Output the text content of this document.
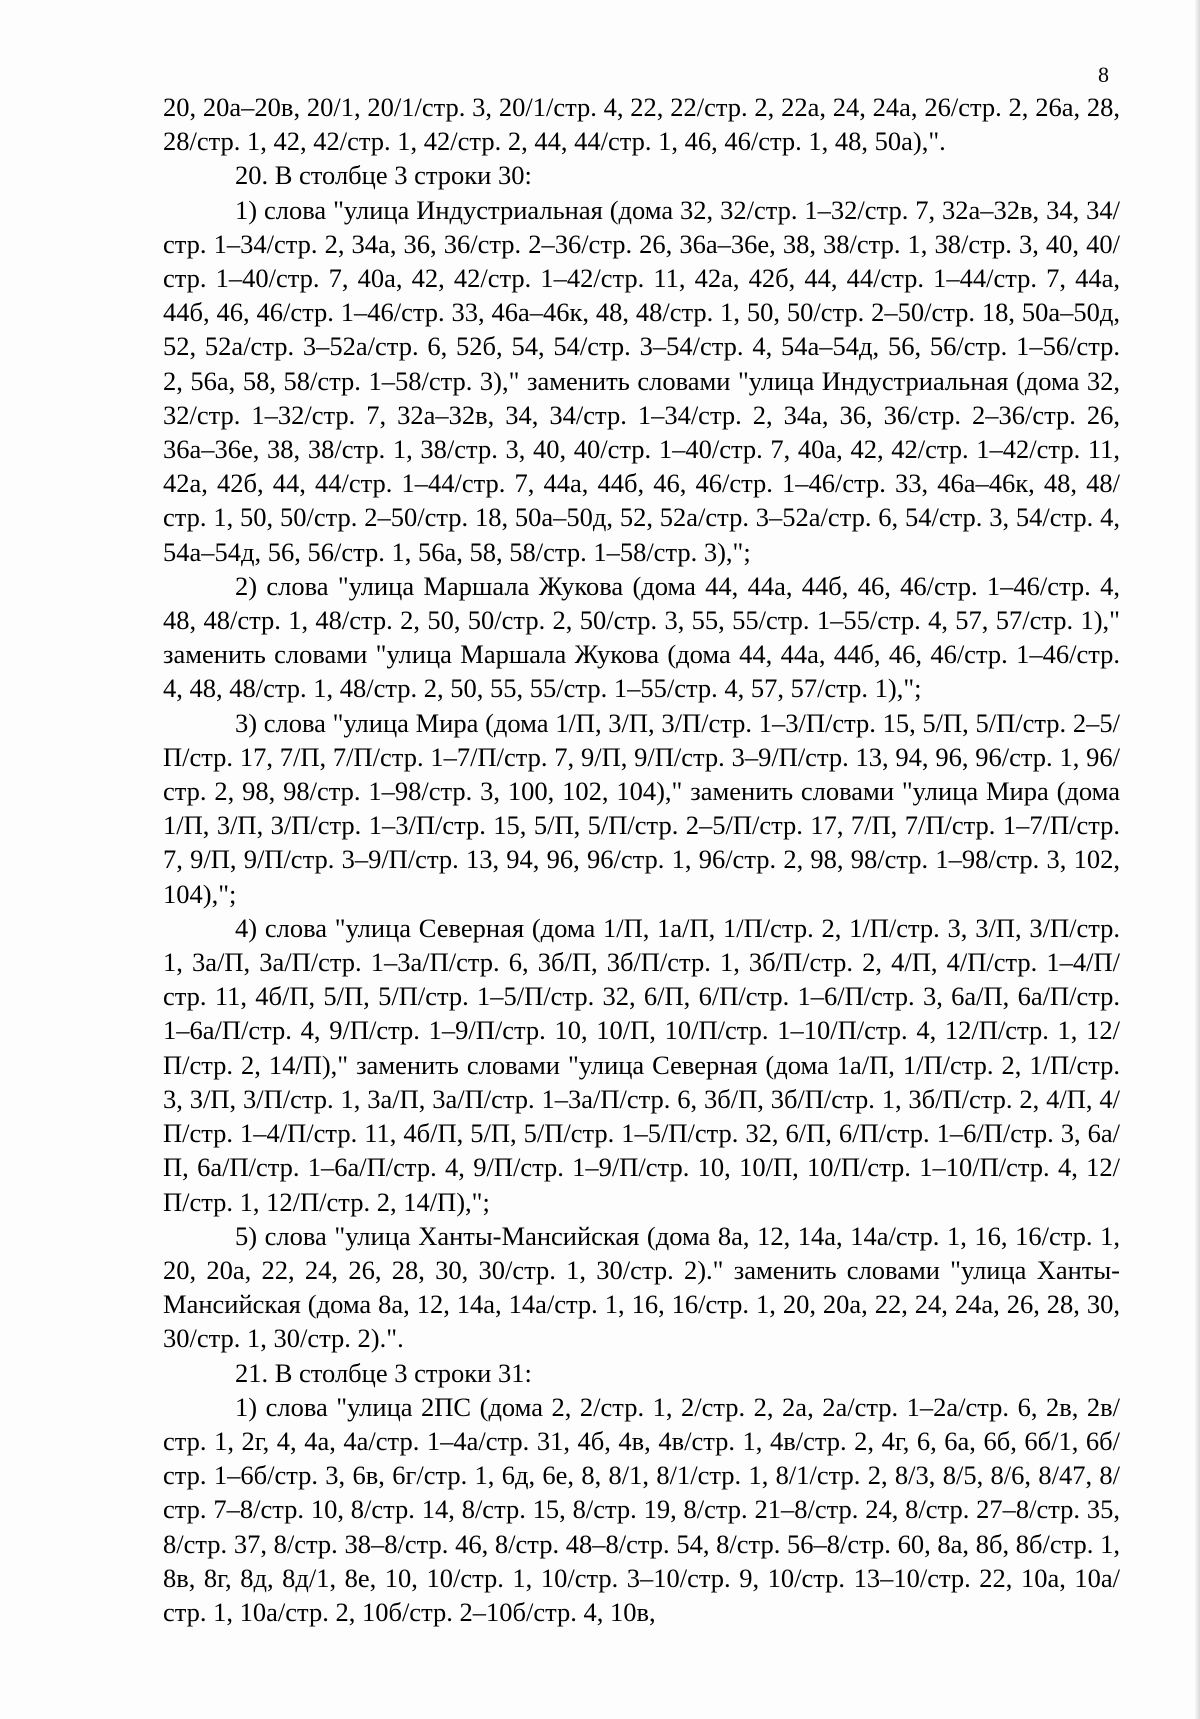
8

20, 20а–20в, 20/1, 20/1/стр. 3, 20/1/стр. 4, 22, 22/стр. 2, 22а, 24, 24а, 26/стр. 2, 26а, 28, 28/стр. 1, 42, 42/стр. 1, 42/стр. 2, 44, 44/стр. 1, 46, 46/стр. 1, 48, 50а),".

20. В столбце 3 строки 30:

1) слова "улица Индустриальная (дома 32, 32/стр. 1–32/стр. 7, 32а–32в, 34, 34/стр. 1–34/стр. 2, 34а, 36, 36/стр. 2–36/стр. 26, 36а–36е, 38, 38/стр. 1, 38/стр. 3, 40, 40/стр. 1–40/стр. 7, 40а, 42, 42/стр. 1–42/стр. 11, 42а, 42б, 44, 44/стр. 1–44/стр. 7, 44а, 44б, 46, 46/стр. 1–46/стр. 33, 46а–46к, 48, 48/стр. 1, 50, 50/стр. 2–50/стр. 18, 50а–50д, 52, 52а/стр. 3–52а/стр. 6, 52б, 54, 54/стр. 3–54/стр. 4, 54а–54д, 56, 56/стр. 1–56/стр. 2, 56а, 58, 58/стр. 1–58/стр. 3)," заменить словами "улица Индустриальная (дома 32, 32/стр. 1–32/стр. 7, 32а–32в, 34, 34/стр. 1–34/стр. 2, 34а, 36, 36/стр. 2–36/стр. 26, 36а–36е, 38, 38/стр. 1, 38/стр. 3, 40, 40/стр. 1–40/стр. 7, 40а, 42, 42/стр. 1–42/стр. 11, 42а, 42б, 44, 44/стр. 1–44/стр. 7, 44а, 44б, 46, 46/стр. 1–46/стр. 33, 46а–46к, 48, 48/стр. 1, 50, 50/стр. 2–50/стр. 18, 50а–50д, 52, 52а/стр. 3–52а/стр. 6, 54/стр. 3, 54/стр. 4, 54а–54д, 56, 56/стр. 1, 56а, 58, 58/стр. 1–58/стр. 3),";

2) слова "улица Маршала Жукова (дома 44, 44а, 44б, 46, 46/стр. 1–46/стр. 4, 48, 48/стр. 1, 48/стр. 2, 50, 50/стр. 2, 50/стр. 3, 55, 55/стр. 1–55/стр. 4, 57, 57/стр. 1)," заменить словами "улица Маршала Жукова (дома 44, 44а, 44б, 46, 46/стр. 1–46/стр. 4, 48, 48/стр. 1, 48/стр. 2, 50, 55, 55/стр. 1–55/стр. 4, 57, 57/стр. 1),";

3) слова "улица Мира (дома 1/П, 3/П, 3/П/стр. 1–3/П/стр. 15, 5/П, 5/П/стр. 2–5/П/стр. 17, 7/П, 7/П/стр. 1–7/П/стр. 7, 9/П, 9/П/стр. 3–9/П/стр. 13, 94, 96, 96/стр. 1, 96/стр. 2, 98, 98/стр. 1–98/стр. 3, 100, 102, 104)," заменить словами "улица Мира (дома 1/П, 3/П, 3/П/стр. 1–3/П/стр. 15, 5/П, 5/П/стр. 2–5/П/стр. 17, 7/П, 7/П/стр. 1–7/П/стр. 7, 9/П, 9/П/стр. 3–9/П/стр. 13, 94, 96, 96/стр. 1, 96/стр. 2, 98, 98/стр. 1–98/стр. 3, 102, 104),";

4) слова "улица Северная (дома 1/П, 1а/П, 1/П/стр. 2, 1/П/стр. 3, 3/П, 3/П/стр. 1, 3а/П, 3а/П/стр. 1–3а/П/стр. 6, 3б/П, 3б/П/стр. 1, 3б/П/стр. 2, 4/П, 4/П/стр. 1–4/П/стр. 11, 4б/П, 5/П, 5/П/стр. 1–5/П/стр. 32, 6/П, 6/П/стр. 1–6/П/стр. 3, 6а/П, 6а/П/стр. 1–6а/П/стр. 4, 9/П/стр. 1–9/П/стр. 10, 10/П, 10/П/стр. 1–10/П/стр. 4, 12/П/стр. 1, 12/П/стр. 2, 14/П)," заменить словами "улица Северная (дома 1а/П, 1/П/стр. 2, 1/П/стр. 3, 3/П, 3/П/стр. 1, 3а/П, 3а/П/стр. 1–3а/П/стр. 6, 3б/П, 3б/П/стр. 1, 3б/П/стр. 2, 4/П, 4/П/стр. 1–4/П/стр. 11, 4б/П, 5/П, 5/П/стр. 1–5/П/стр. 32, 6/П, 6/П/стр. 1–6/П/стр. 3, 6а/П, 6а/П/стр. 1–6а/П/стр. 4, 9/П/стр. 1–9/П/стр. 10, 10/П, 10/П/стр. 1–10/П/стр. 4, 12/П/стр. 1, 12/П/стр. 2, 14/П),";

5) слова "улица Ханты-Мансийская (дома 8а, 12, 14а, 14а/стр. 1, 16, 16/стр. 1, 20, 20а, 22, 24, 26, 28, 30, 30/стр. 1, 30/стр. 2)." заменить словами "улица Ханты-Мансийская (дома 8а, 12, 14а, 14а/стр. 1, 16, 16/стр. 1, 20, 20а, 22, 24, 24а, 26, 28, 30, 30/стр. 1, 30/стр. 2).".

21. В столбце 3 строки 31:

1) слова "улица 2ПС (дома 2, 2/стр. 1, 2/стр. 2, 2а, 2а/стр. 1–2а/стр. 6, 2в, 2в/стр. 1, 2г, 4, 4а, 4а/стр. 1–4а/стр. 31, 4б, 4в, 4в/стр. 1, 4в/стр. 2, 4г, 6, 6а, 6б, 6б/1, 6б/стр. 1–6б/стр. 3, 6в, 6г/стр. 1, 6д, 6е, 8, 8/1, 8/1/стр. 1, 8/1/стр. 2, 8/3, 8/5, 8/6, 8/47, 8/стр. 7–8/стр. 10, 8/стр. 14, 8/стр. 15, 8/стр. 19, 8/стр. 21–8/стр. 24, 8/стр. 27–8/стр. 35, 8/стр. 37, 8/стр. 38–8/стр. 46, 8/стр. 48–8/стр. 54, 8/стр. 56–8/стр. 60, 8а, 8б, 8б/стр. 1, 8в, 8г, 8д, 8д/1, 8е, 10, 10/стр. 1, 10/стр. 3–10/стр. 9, 10/стр. 13–10/стр. 22, 10а, 10а/стр. 1, 10а/стр. 2, 10б/стр. 2–10б/стр. 4, 10в,
